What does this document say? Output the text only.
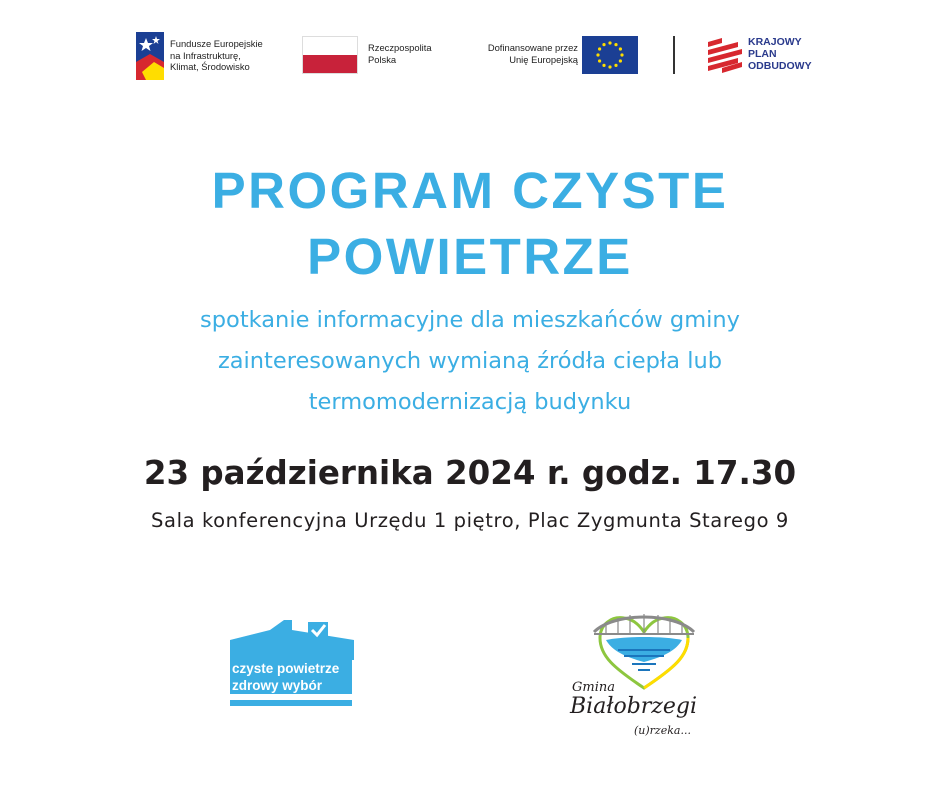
Fundusze Europejskie
na Infrastrukturę,
Klimat, Środowisko
Rzeczpospolita
Polska
Dofinansowane przez
Unię Europejską
KRAJOWY
PLAN
ODBUDOWY
PROGRAM CZYSTE
POWIETRZE
spotkanie informacyjne dla mieszkańców gminy
zainteresowanych wymianą źródła ciepła lub
termomodernizacją budynku
23 października 2024 r. godz. 17.30
Sala konferencyjna Urzędu 1 piętro, Plac Zygmunta Starego 9
czyste powietrze
zdrowy wybór	Gmina
Białobrzegi
(u)rzeka...
